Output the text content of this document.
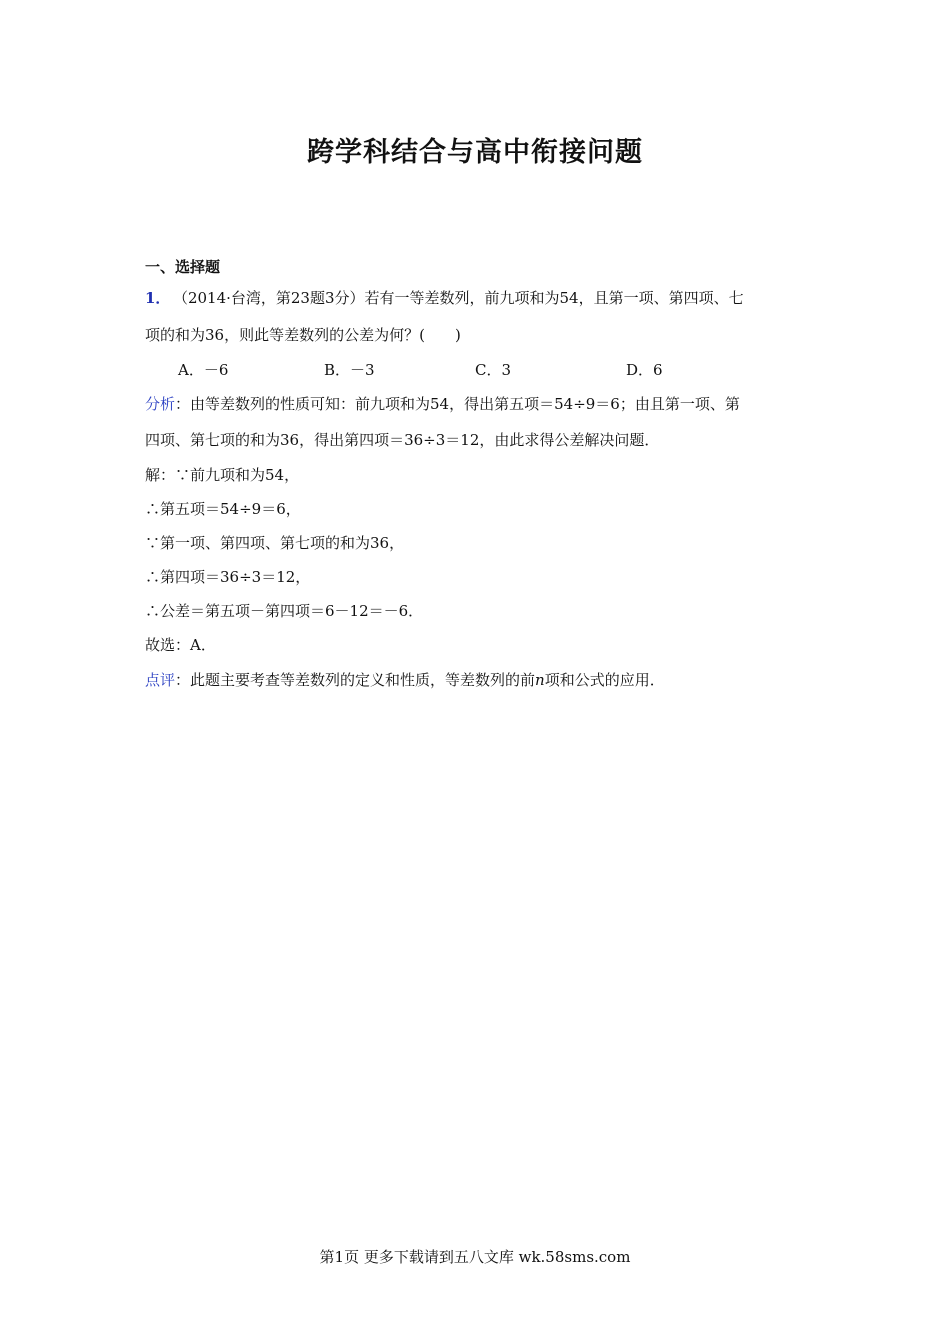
跨学科结合与高中衔接问题
一、选择题
1． （2014·台湾，第23题3分）若有一等差数列，前九项和为54，且第一项、第四项、七
项的和为36，则此等差数列的公差为何？(　　)
A．－6	B．－3	C．3	D．6
分析：由等差数列的性质可知：前九项和为54，得出第五项＝54÷9＝6；由且第一项、第
四项、第七项的和为36，得出第四项＝36÷3＝12，由此求得公差解决问题．
解：∵前九项和为54，
∴第五项＝54÷9＝6，
∵第一项、第四项、第七项的和为36，
∴第四项＝36÷3＝12，
∴公差＝第五项－第四项＝6－12＝－6．
故选：A．
点评：此题主要考查等差数列的定义和性质，等差数列的前n项和公式的应用．
第1页 更多下载请到五八文库 wk.58sms.com
